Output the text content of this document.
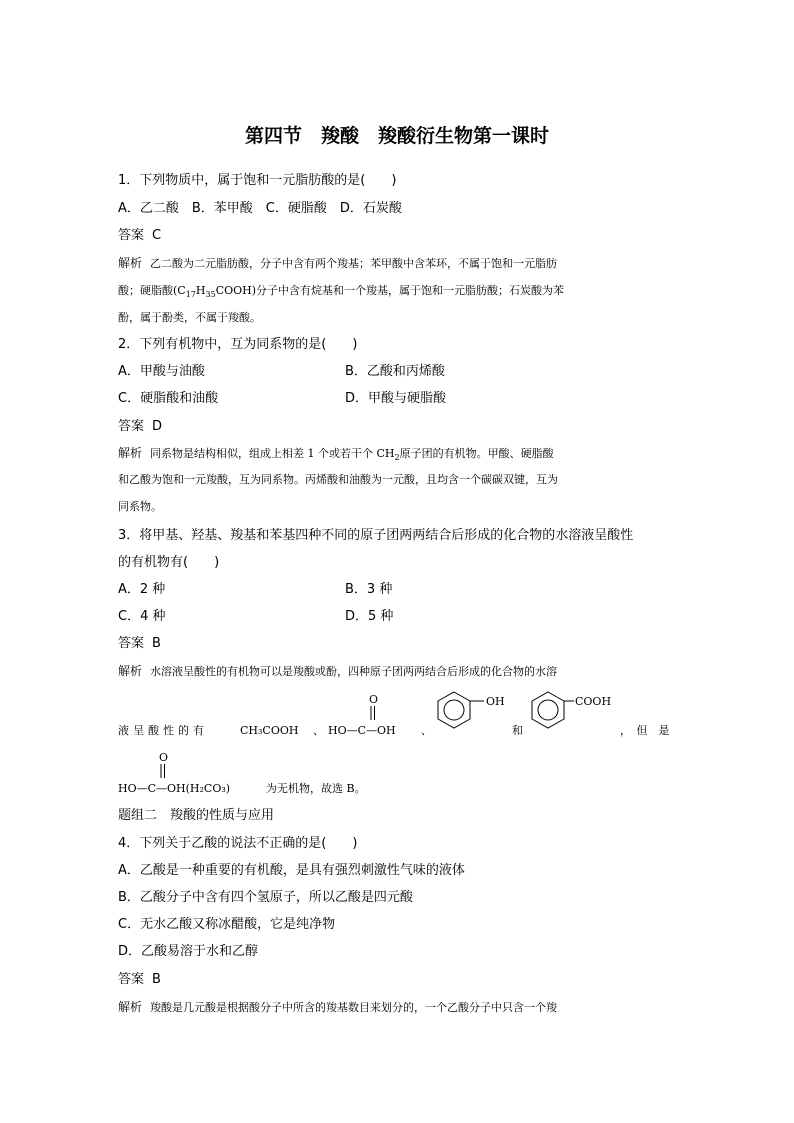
第四节　羧酸　羧酸衍生物第一课时
1．下列物质中，属于饱和一元脂肪酸的是(　　)
A．乙二酸　B．苯甲酸　C．硬脂酸　D．石炭酸
答案 C
解析 乙二酸为二元脂肪酸，分子中含有两个羧基；苯甲酸中含苯环，不属于饱和一元脂肪
酸；硬脂酸$(C_{17}H_{35}COOH)$分子中含有烷基和一个羧基，属于饱和一元脂肪酸；石炭酸为苯
酚，属于酚类，不属于羧酸。
2．下列有机物中，互为同系物的是(　　)
A．甲酸与油酸	B．乙酸和丙烯酸
C．硬脂酸和油酸	D．甲酸与硬脂酸
答案 D
解析 同系物是结构相似，组成上相差 1 个或若干个 $CH_2$原子团的有机物。甲酸、硬脂酸
和乙酸为饱和一元羧酸，互为同系物。丙烯酸和油酸为一元酸，且均含一个碳碳双键，互为
同系物。
3．将甲基、羟基、羧基和苯基四种不同的原子团两两结合后形成的化合物的水溶液呈酸性
的有机物有(　　)
A．2 种	B．3 种
C．4 种	D．5 种
答案 B
解析 水溶液呈酸性的有机物可以是羧酸或酚，四种原子团两两结合后形成的化合物的水溶
液呈酸性的有	CH₃COOH 、
O
HO—C—OH 、
OH
和
COOH
，　但　是
O
HO—C—OH(H₂CO₃)	为无机物，故选 B。
题组二　羧酸的性质与应用
4．下列关于乙酸的说法不正确的是(　　)
A．乙酸是一种重要的有机酸，是具有强烈刺激性气味的液体
B．乙酸分子中含有四个氢原子，所以乙酸是四元酸
C．无水乙酸又称冰醋酸，它是纯净物
D．乙酸易溶于水和乙醇
答案 B
解析 羧酸是几元酸是根据酸分子中所含的羧基数目来划分的，一个乙酸分子中只含一个羧
